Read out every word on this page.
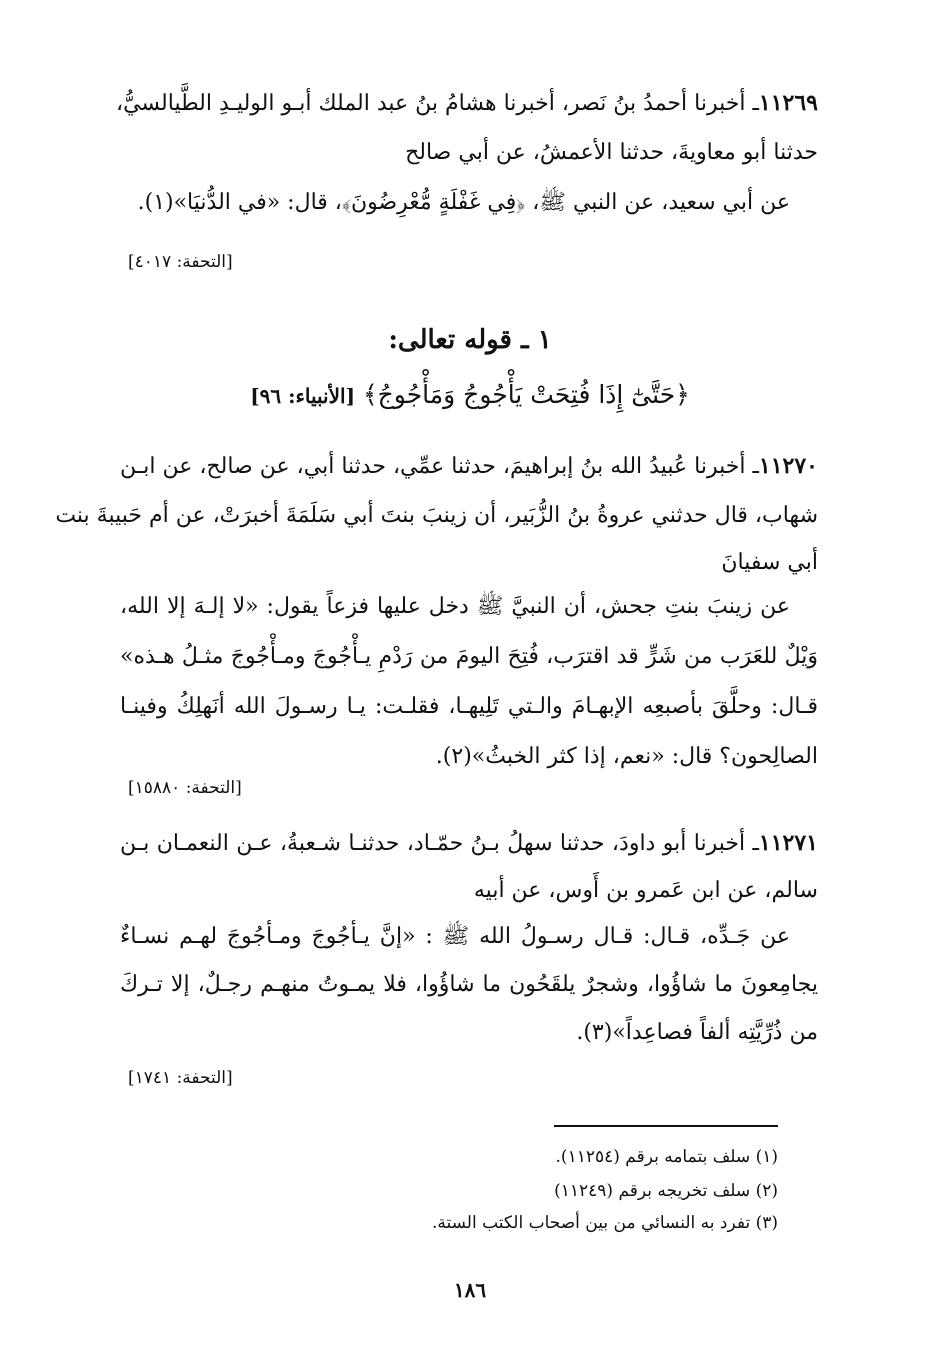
١١٢٦٩ـ أخبرنا أحمدُ بنُ نَصر، أخبرنا هشامُ بنُ عبد الملك أبـو الوليـدِ الطَّيالسيُّ،
حدثنا أبو معاويةَ، حدثنا الأعمشُ، عن أبي صالح
عن أبي سعيد، عن النبي ﷺ، ﴿فِي غَفْلَةٍ مُّعْرِضُونَ﴾، قال: «في الدُّنيَا»(١).
[التحفة: ٤٠١٧]
١ ـ قوله تعالى:
﴿حَتَّىٰٓ إِذَا فُتِحَتْ يَأْجُوجُ وَمَأْجُوجُ﴾ [الأنبياء: ٩٦]
١١٢٧٠ـ أخبرنا عُبيدُ الله بنُ إبراهيمَ، حدثنا عمِّي، حدثنا أبي، عن صالح، عن ابـن
شهاب، قال حدثني عروةُ بنُ الزُّبَير، أن زينبَ بنتَ أبي سَلَمَةَ أخبرَتْ، عن أم حَبيبةَ بنت
أبي سفيانَ
عن زينبَ بنتِ جحش، أن النبيَّ ﷺ دخل عليها فزعاً يقول: «لا إلـهَ إلا الله،
وَيْلٌ للعَرَب من شَرٍّ قد اقترَب، فُتِحَ اليومَ من رَدْمِ يـأْجُوجَ ومـأْجُوجَ مثـلُ هـذه»
قـال: وحلَّقَ بأصبعِه الإبهـامَ والـتي تَلِيهـا، فقلـت: يـا رسـولَ الله أنَهلِكُ وفينـا
الصالِحون؟ قال: «نعم، إذا كثر الخبثُ»(٢).
[التحفة: ١٥٨٨٠]
١١٢٧١ـ أخبرنا أبو داودَ، حدثنا سهلُ بـنُ حمّـاد، حدثنـا شـعبةُ، عـن النعمـان بـن
سالم، عن ابن عَمرو بن أَوس، عن أبيه
عن جَـدِّه، قـال: قـال رسـولُ الله ﷺ : «إنَّ يـأجُوجَ ومـأجُوجَ لهـم نسـاءٌ
يجامِعونَ ما شاؤُوا، وشجرٌ يلقَحُون ما شاؤُوا، فلا يمـوتُ منهـم رجـلٌ، إلا تـركَ
من ذُرِّيَّتِه ألفاً فصاعِداً»(٣).
[التحفة: ١٧٤١]
(١) سلف بتمامه برقم (١١٢٥٤).
(٢) سلف تخريجه برقم (١١٢٤٩)
(٣) تفرد به النسائي من بين أصحاب الكتب الستة.
١٨٦
